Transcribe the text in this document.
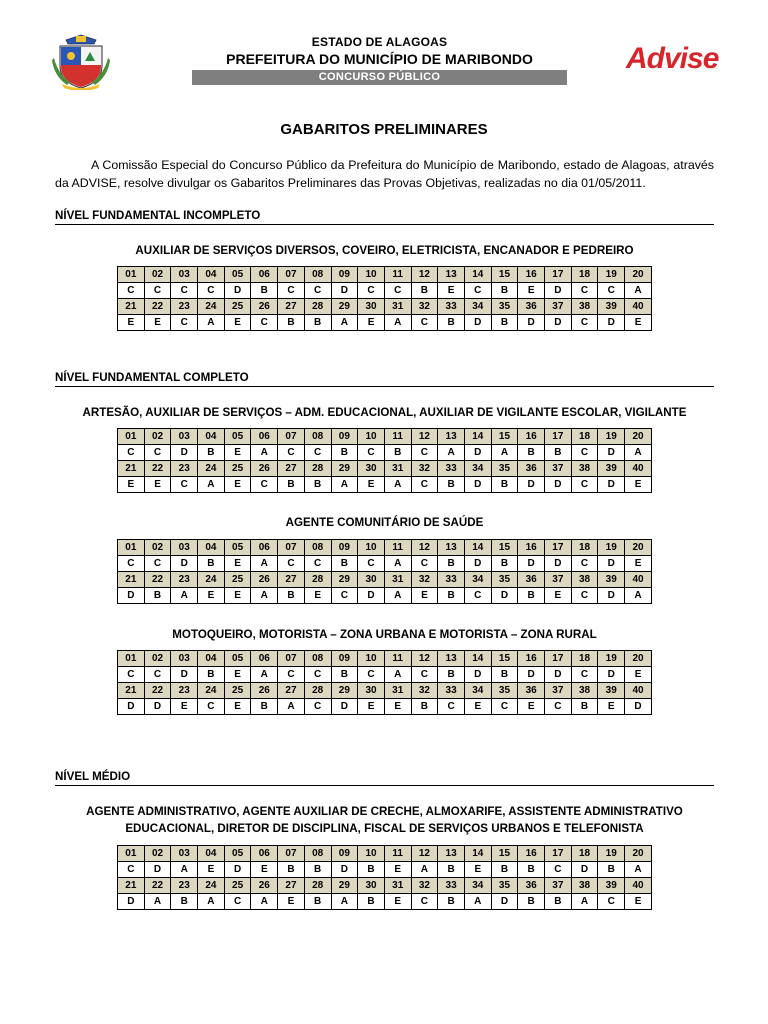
ESTADO DE ALAGOAS
PREFEITURA DO MUNICÍPIO DE MARIBONDO
CONCURSO PÚBLICO
Advise
GABARITOS PRELIMINARES
A Comissão Especial do Concurso Público da Prefeitura do Município de Maribondo, estado de Alagoas, através da ADVISE, resolve divulgar os Gabaritos Preliminares das Provas Objetivas, realizadas no dia 01/05/2011.
NÍVEL FUNDAMENTAL INCOMPLETO
AUXILIAR DE SERVIÇOS DIVERSOS, COVEIRO, ELETRICISTA, ENCANADOR E PEDREIRO
01	02	03	04	05	06	07	08	09	10	11	12	13	14	15	16	17	18	19	20
C	C	C	C	D	B	C	C	D	C	C	B	E	C	B	E	D	C	C	A
21	22	23	24	25	26	27	28	29	30	31	32	33	34	35	36	37	38	39	40
E	E	C	A	E	C	B	B	A	E	A	C	B	D	B	D	D	C	D	E
NÍVEL FUNDAMENTAL COMPLETO
ARTESÃO, AUXILIAR DE SERVIÇOS – ADM. EDUCACIONAL, AUXILIAR DE VIGILANTE ESCOLAR, VIGILANTE
01	02	03	04	05	06	07	08	09	10	11	12	13	14	15	16	17	18	19	20
C	C	D	B	E	A	C	C	B	C	B	C	A	D	A	B	B	C	D	A
21	22	23	24	25	26	27	28	29	30	31	32	33	34	35	36	37	38	39	40
E	E	C	A	E	C	B	B	A	E	A	C	B	D	B	D	D	C	D	E
AGENTE COMUNITÁRIO DE SAÚDE
01	02	03	04	05	06	07	08	09	10	11	12	13	14	15	16	17	18	19	20
C	C	D	B	E	A	C	C	B	C	A	C	B	D	B	D	D	C	D	E
21	22	23	24	25	26	27	28	29	30	31	32	33	34	35	36	37	38	39	40
D	B	A	E	E	A	B	E	C	D	A	E	B	C	D	B	E	C	D	A
MOTOQUEIRO, MOTORISTA – ZONA URBANA E MOTORISTA – ZONA RURAL
01	02	03	04	05	06	07	08	09	10	11	12	13	14	15	16	17	18	19	20
C	C	D	B	E	A	C	C	B	C	A	C	B	D	B	D	D	C	D	E
21	22	23	24	25	26	27	28	29	30	31	32	33	34	35	36	37	38	39	40
D	D	E	C	E	B	A	C	D	E	E	B	C	E	C	E	C	B	E	D
NÍVEL MÉDIO
AGENTE ADMINISTRATIVO, AGENTE AUXILIAR DE CRECHE, ALMOXARIFE, ASSISTENTE ADMINISTRATIVO EDUCACIONAL, DIRETOR DE DISCIPLINA, FISCAL DE SERVIÇOS URBANOS E TELEFONISTA
01	02	03	04	05	06	07	08	09	10	11	12	13	14	15	16	17	18	19	20
C	D	A	E	D	E	B	B	D	B	E	A	B	E	B	B	C	D	B	A
21	22	23	24	25	26	27	28	29	30	31	32	33	34	35	36	37	38	39	40
D	A	B	A	C	A	E	B	A	B	E	C	B	A	D	B	B	A	C	E
